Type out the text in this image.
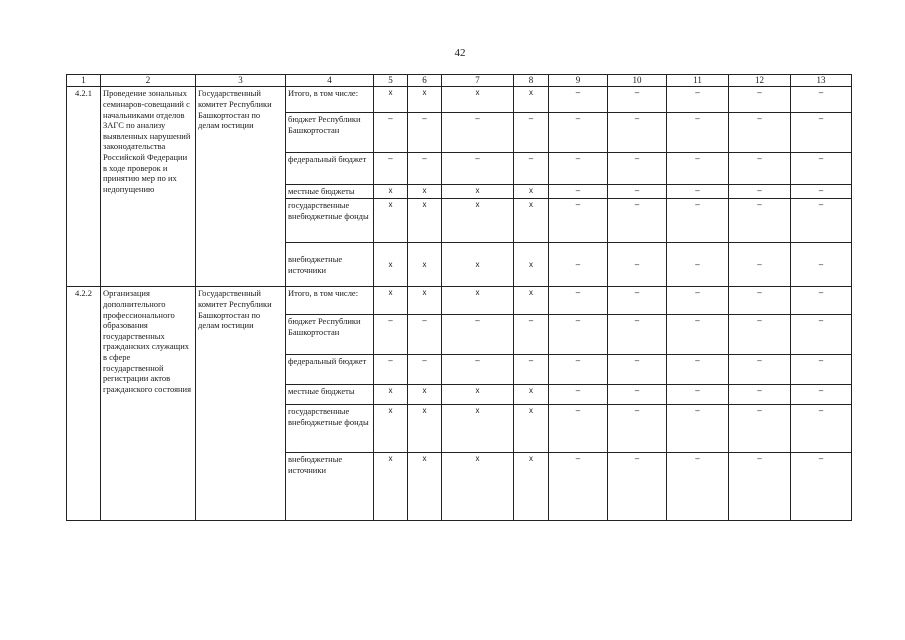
42
1	2	3	4	5	6	7	8	9	10	11	12	13
4.2.1	Проведение зональных семинаров-совещаний с начальниками отделов ЗАГС по анализу выявленных нарушений законодательства Российской Федерации в ходе проверок и принятию мер по их недопущению	Государственный комитет Республики Башкортостан по делам юстиции	Итого, в том числе:	х	х	х	х	–	–	–	–	–
			бюджет Республики Башкортостан	–	–	–	–	–	–	–	–	–
			федеральный бюджет	–	–	–	–	–	–	–	–	–
			местные бюджеты	х	х	х	х	–	–	–	–	–
			государственные внебюджетные фонды	х	х	х	х	–	–	–	–	–
			внебюджетные источники	х	х	х	х	–	–	–	–	–
4.2.2	Организация дополнительного профессионального образования государственных гражданских служащих в сфере государственной регистрации актов гражданского состояния	Государственный комитет Республики Башкортостан по делам юстиции	Итого, в том числе:	х	х	х	х	–	–	–	–	–
			бюджет Республики Башкортостан	–	–	–	–	–	–	–	–	–
			федеральный бюджет	–	–	–	–	–	–	–	–	–
			местные бюджеты	х	х	х	х	–	–	–	–	–
			государственные внебюджетные фонды	х	х	х	х	–	–	–	–	–
			внебюджетные источники	х	х	х	х	–	–	–	–	–
